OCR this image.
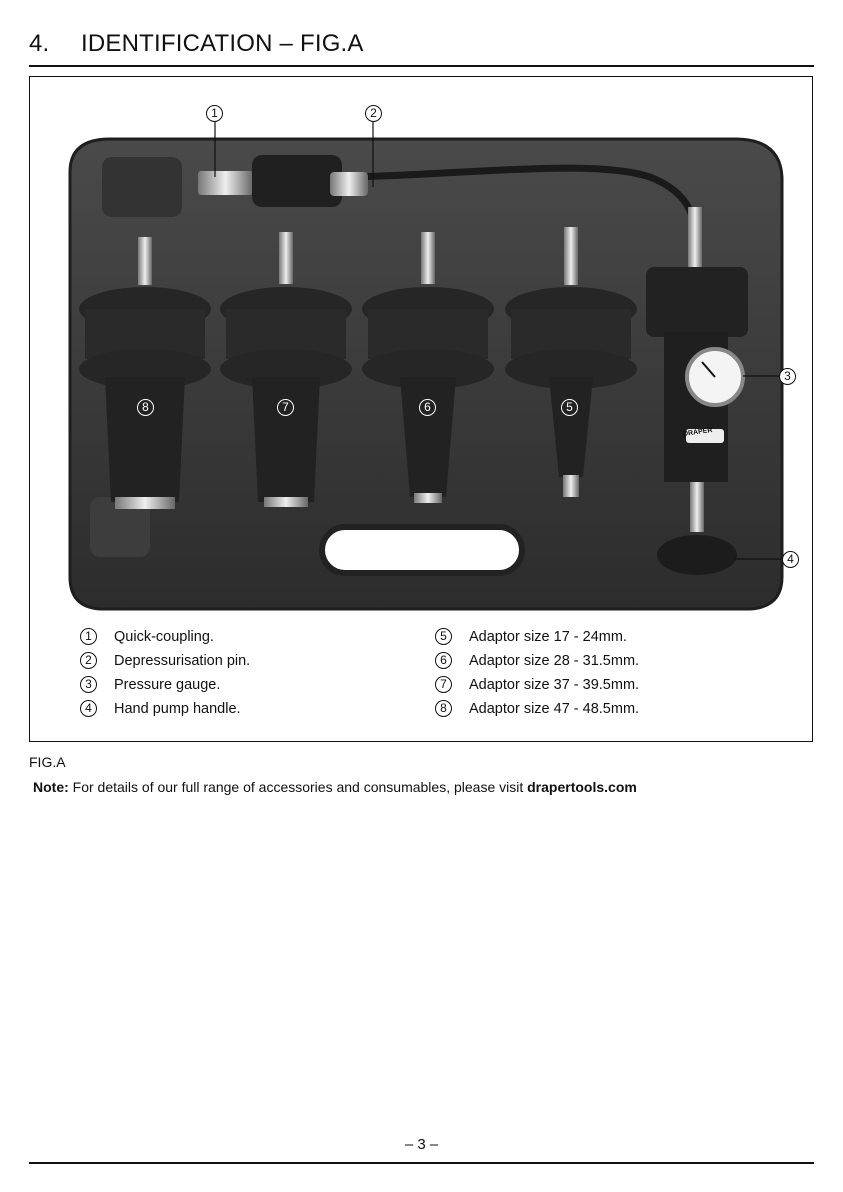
4. IDENTIFICATION – FIG.A
1	2
3
4
5
6
7
8
DRAPER
1	Quick-coupling.
2	Depressurisation pin.
3	Pressure gauge.
4	Hand pump handle.
5	Adaptor size 17 - 24mm.
6	Adaptor size 28 - 31.5mm.
7	Adaptor size 37 - 39.5mm.
8	Adaptor size 47 - 48.5mm.
FIG.A
Note: For details of our full range of accessories and consumables, please visit drapertools.com
– 3 –
